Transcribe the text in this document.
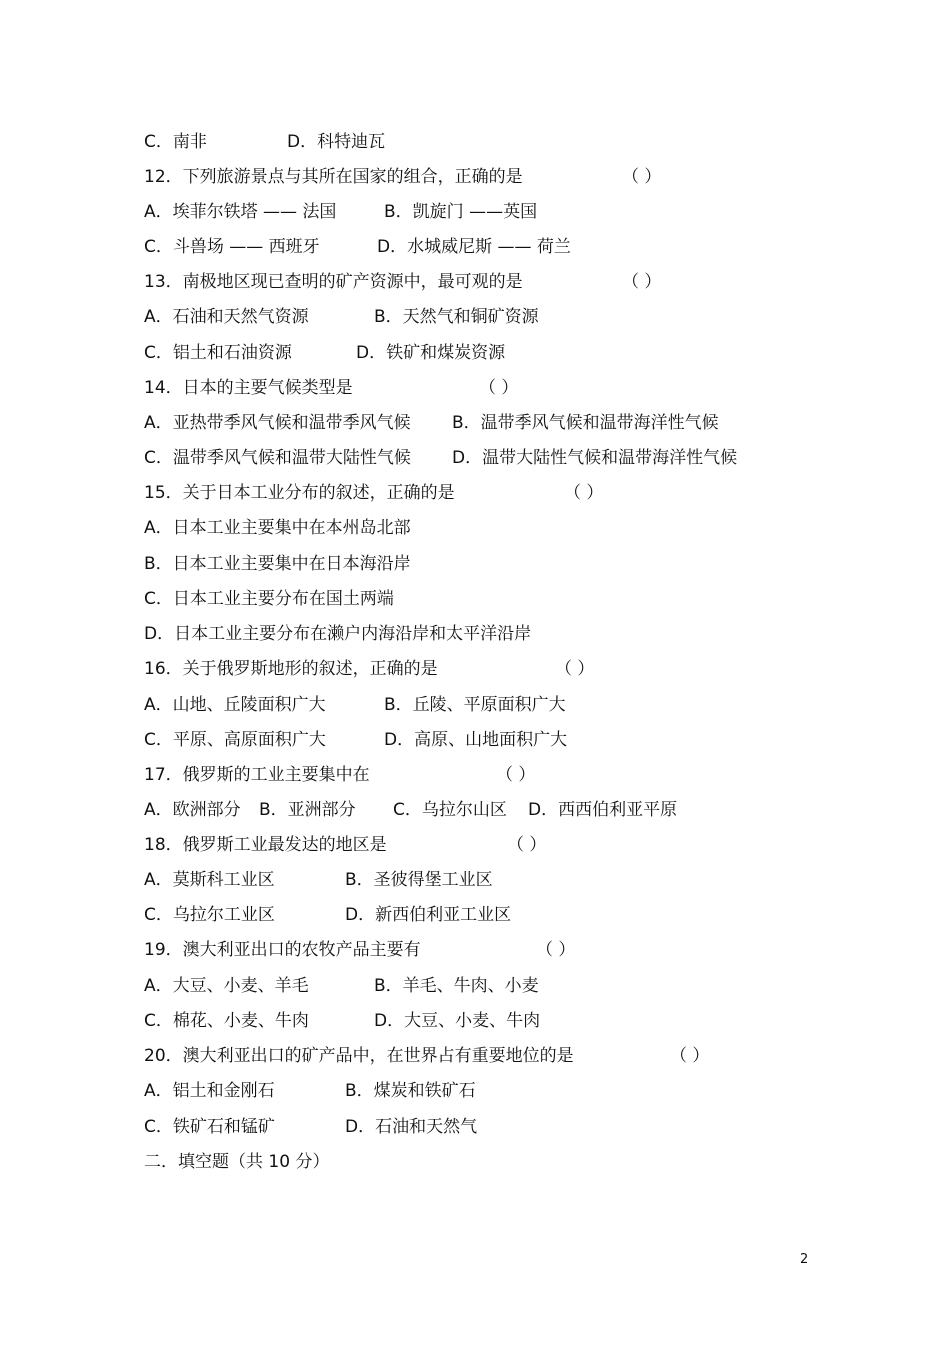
C．南非	D．科特迪瓦
12．下列旅游景点与其所在国家的组合，正确的是	（ ）
A．埃菲尔铁塔 —— 法国	B．凯旋门 ——英国
C．斗兽场 —— 西班牙	D．水城威尼斯 —— 荷兰
13．南极地区现已查明的矿产资源中，最可观的是	（ ）
A．石油和天然气资源	B．天然气和铜矿资源
C．铝土和石油资源	D．铁矿和煤炭资源
14．日本的主要气候类型是	（ ）
A．亚热带季风气候和温带季风气候 B．温带季风气候和温带海洋性气候
C．温带季风气候和温带大陆性气候 D．温带大陆性气候和温带海洋性气候
15．关于日本工业分布的叙述，正确的是	（ ）
A．日本工业主要集中在本州岛北部
B．日本工业主要集中在日本海沿岸
C．日本工业主要分布在国土两端
D．日本工业主要分布在濑户内海沿岸和太平洋沿岸
16．关于俄罗斯地形的叙述，正确的是	（ ）
A．山地、丘陵面积广大	B．丘陵、平原面积广大
C．平原、高原面积广大	D．高原、山地面积广大
17．俄罗斯的工业主要集中在	（ ）
A．欧洲部分 B．亚洲部分 C．乌拉尔山区 D．西西伯利亚平原
18．俄罗斯工业最发达的地区是	（ ）
A．莫斯科工业区	B．圣彼得堡工业区
C．乌拉尔工业区	D．新西伯利亚工业区
19．澳大利亚出口的农牧产品主要有	（ ）
A．大豆、小麦、羊毛	B．羊毛、牛肉、小麦
C．棉花、小麦、牛肉	D．大豆、小麦、牛肉
20．澳大利亚出口的矿产品中，在世界占有重要地位的是	（ ）
A．铝土和金刚石	B．煤炭和铁矿石
C．铁矿石和锰矿	D．石油和天然气
二．填空题（共 10 分）
2
